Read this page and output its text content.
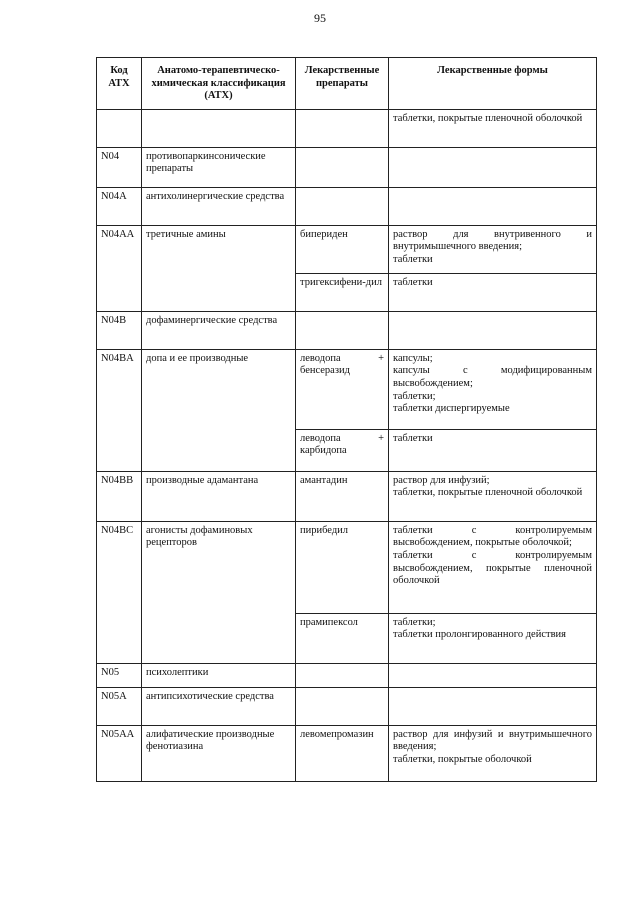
95
Код АТХ	Анатомо-терапевтическо-химическая классификация (АТХ)	Лекарственные препараты	Лекарственные формы

			таблетки, покрытые пленочной оболочкой

N04	противопаркинсонические препараты		
N04A	антихолинергические средства		
N04AA	третичные амины	бипериден	раствор для внутривенного и внутримышечного введения;
таблетки

		тригексифени-дил	таблетки

N04B	дофаминергические средства		
N04BA	допа и ее производные	леводопа + бенсеразид	капсулы;
капсулы с модифицированным высвобождением;
таблетки;
таблетки диспергируемые

		леводопа + карбидопа	таблетки

N04BB	производные адамантана	амантадин	раствор для инфузий;
таблетки, покрытые пленочной оболочкой

N04BC	агонисты дофаминовых рецепторов	пирибедил	таблетки с контролируемым высвобождением, покрытые оболочкой;
таблетки с контролируемым высвобождением, покрытые пленочной оболочкой

		прамипексол	таблетки;
таблетки пролонгированного действия

N05	психолептики		
N05A	антипсихотические средства		
N05AA	алифатические производные фенотиазина	левомепромазин	раствор для инфузий и внутримышечного введения;
таблетки, покрытые оболочкой
